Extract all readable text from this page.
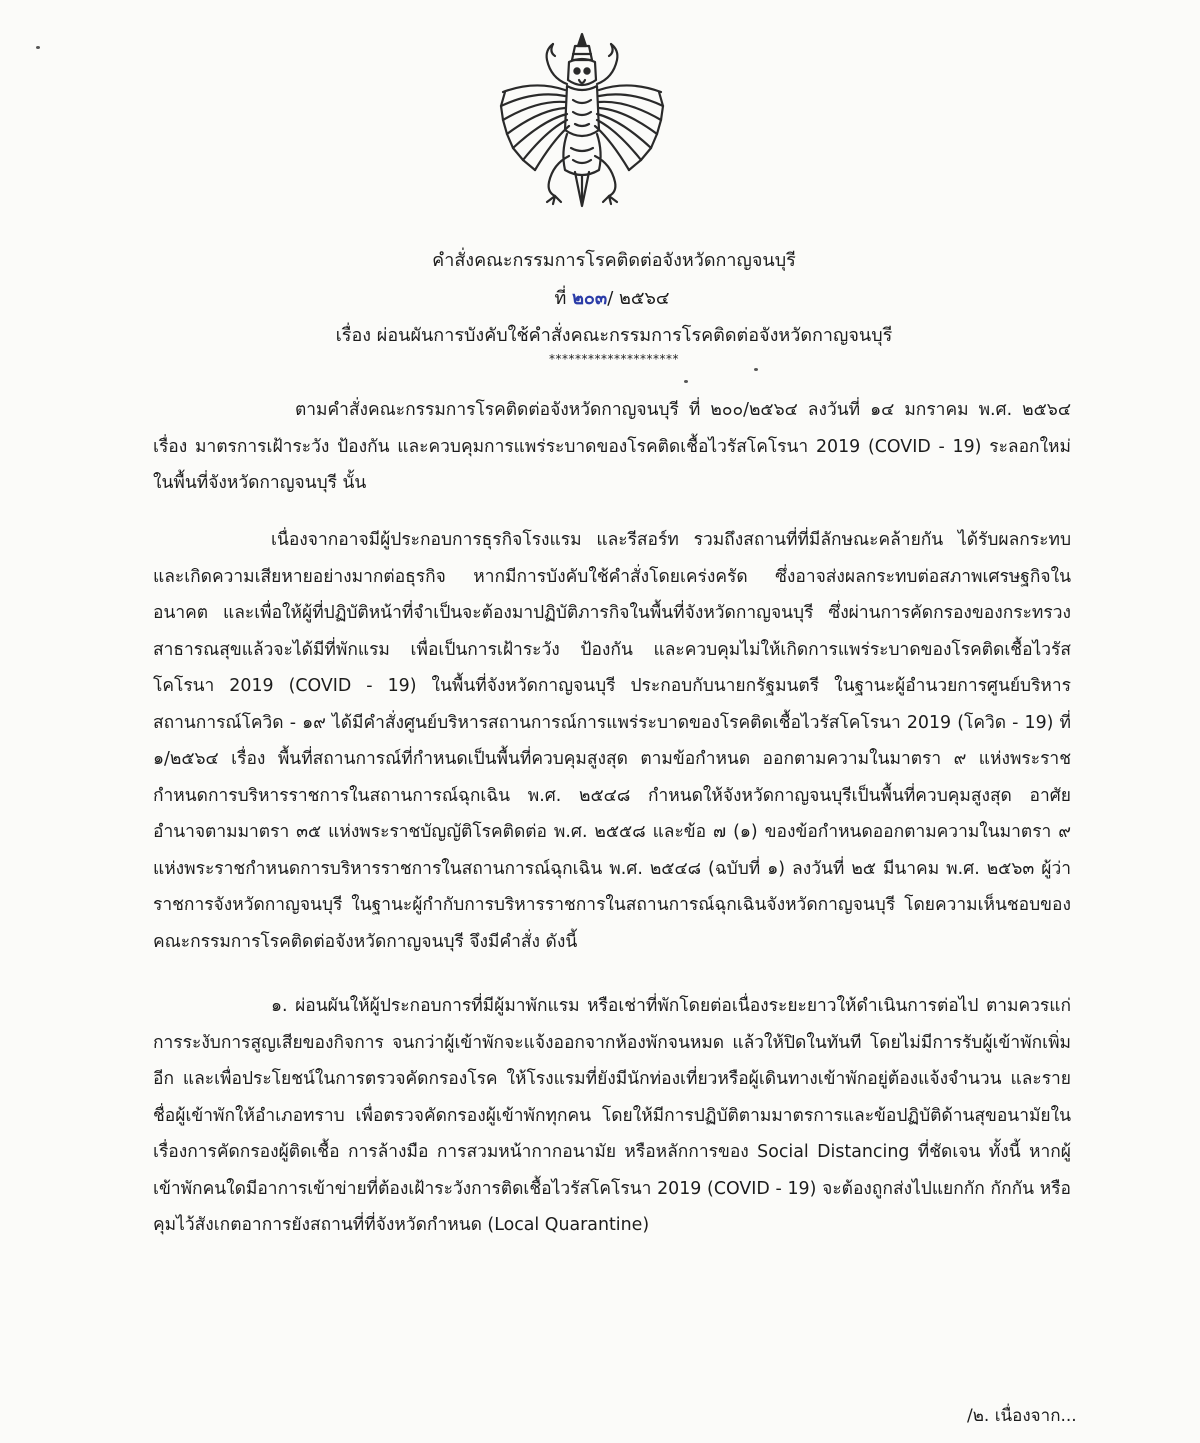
คำสั่งคณะกรรมการโรคติดต่อจังหวัดกาญจนบุรี
ที่ ๒๐๓/ ๒๕๖๔
เรื่อง ผ่อนผันการบังคับใช้คำสั่งคณะกรรมการโรคติดต่อจังหวัดกาญจนบุรี
********************

ตามคำสั่งคณะกรรมการโรคติดต่อจังหวัดกาญจนบุรี ที่ ๒๐๐/๒๕๖๔ ลงวันที่ ๑๔ มกราคม พ.ศ. ๒๕๖๔ เรื่อง มาตรการเฝ้าระวัง ป้องกัน และควบคุมการแพร่ระบาดของโรคติดเชื้อไวรัสโคโรนา 2019 (COVID - 19) ระลอกใหม่ ในพื้นที่จังหวัดกาญจนบุรี นั้น

เนื่องจากอาจมีผู้ประกอบการธุรกิจโรงแรม และรีสอร์ท รวมถึงสถานที่ที่มีลักษณะคล้ายกัน ได้รับผลกระทบ และเกิดความเสียหายอย่างมากต่อธุรกิจ หากมีการบังคับใช้คำสั่งโดยเคร่งครัด ซึ่งอาจส่งผลกระทบต่อสภาพเศรษฐกิจในอนาคต และเพื่อให้ผู้ที่ปฏิบัติหน้าที่จำเป็นจะต้องมาปฏิบัติภารกิจในพื้นที่จังหวัดกาญจนบุรี ซึ่งผ่านการคัดกรองของกระทรวงสาธารณสุขแล้วจะได้มีที่พักแรม เพื่อเป็นการเฝ้าระวัง ป้องกัน และควบคุมไม่ให้เกิดการแพร่ระบาดของโรคติดเชื้อไวรัสโคโรนา 2019 (COVID - 19) ในพื้นที่จังหวัดกาญจนบุรี ประกอบกับนายกรัฐมนตรี ในฐานะผู้อำนวยการศูนย์บริหารสถานการณ์โควิด - ๑๙ ได้มีคำสั่งศูนย์บริหารสถานการณ์การแพร่ระบาดของโรคติดเชื้อไวรัสโคโรนา 2019 (โควิด - 19) ที่ ๑/๒๕๖๔ เรื่อง พื้นที่สถานการณ์ที่กำหนดเป็นพื้นที่ควบคุมสูงสุด ตามข้อกำหนด ออกตามความในมาตรา ๙ แห่งพระราชกำหนดการบริหารราชการในสถานการณ์ฉุกเฉิน พ.ศ. ๒๕๔๘ กำหนดให้จังหวัดกาญจนบุรีเป็นพื้นที่ควบคุมสูงสุด อาศัยอำนาจตามมาตรา ๓๕ แห่งพระราชบัญญัติโรคติดต่อ พ.ศ. ๒๕๕๘ และข้อ ๗ (๑) ของข้อกำหนดออกตามความในมาตรา ๙ แห่งพระราชกำหนดการบริหารราชการในสถานการณ์ฉุกเฉิน พ.ศ. ๒๕๔๘ (ฉบับที่ ๑) ลงวันที่ ๒๕ มีนาคม พ.ศ. ๒๕๖๓ ผู้ว่าราชการจังหวัดกาญจนบุรี ในฐานะผู้กำกับการบริหารราชการในสถานการณ์ฉุกเฉินจังหวัดกาญจนบุรี โดยความเห็นชอบของคณะกรรมการโรคติดต่อจังหวัดกาญจนบุรี จึงมีคำสั่ง ดังนี้

๑. ผ่อนผันให้ผู้ประกอบการที่มีผู้มาพักแรม หรือเช่าที่พักโดยต่อเนื่องระยะยาวให้ดำเนินการต่อไป ตามควรแก่การระงับการสูญเสียของกิจการ จนกว่าผู้เข้าพักจะแจ้งออกจากห้องพักจนหมด แล้วให้ปิดในทันที โดยไม่มีการรับผู้เข้าพักเพิ่มอีก และเพื่อประโยชน์ในการตรวจคัดกรองโรค ให้โรงแรมที่ยังมีนักท่องเที่ยวหรือผู้เดินทางเข้าพักอยู่ต้องแจ้งจำนวน และรายชื่อผู้เข้าพักให้อำเภอทราบ เพื่อตรวจคัดกรองผู้เข้าพักทุกคน โดยให้มีการปฏิบัติตามมาตรการและข้อปฏิบัติด้านสุขอนามัยในเรื่องการคัดกรองผู้ติดเชื้อ การล้างมือ การสวมหน้ากากอนามัย หรือหลักการของ Social Distancing ที่ชัดเจน ทั้งนี้ หากผู้เข้าพักคนใดมีอาการเข้าข่ายที่ต้องเฝ้าระวังการติดเชื้อไวรัสโคโรนา 2019 (COVID - 19) จะต้องถูกส่งไปแยกกัก กักกัน หรือคุมไว้สังเกตอาการยังสถานที่ที่จังหวัดกำหนด (Local Quarantine)

/๒. เนื่องจาก...
